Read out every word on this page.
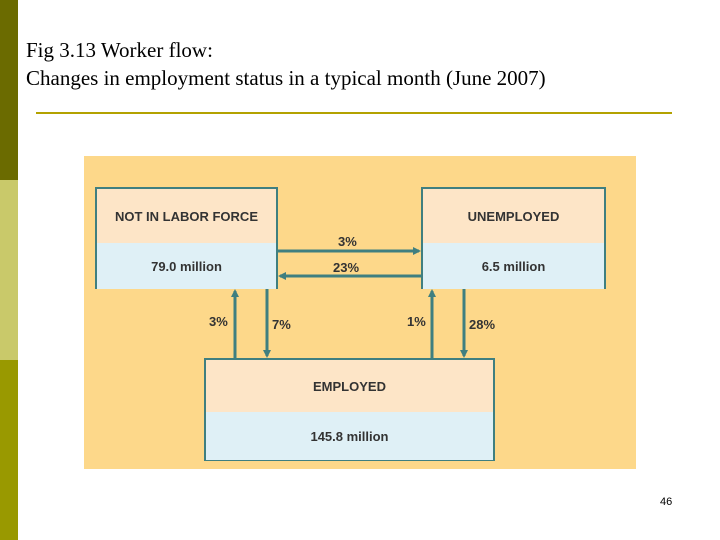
Fig 3.13 Worker flow:
Changes in employment status in a typical month (June 2007)
NOT IN LABOR FORCE
79.0 million
UNEMPLOYED
6.5 million
EMPLOYED
145.8 million
3%
23%
3%	7%	1%	28%
46
